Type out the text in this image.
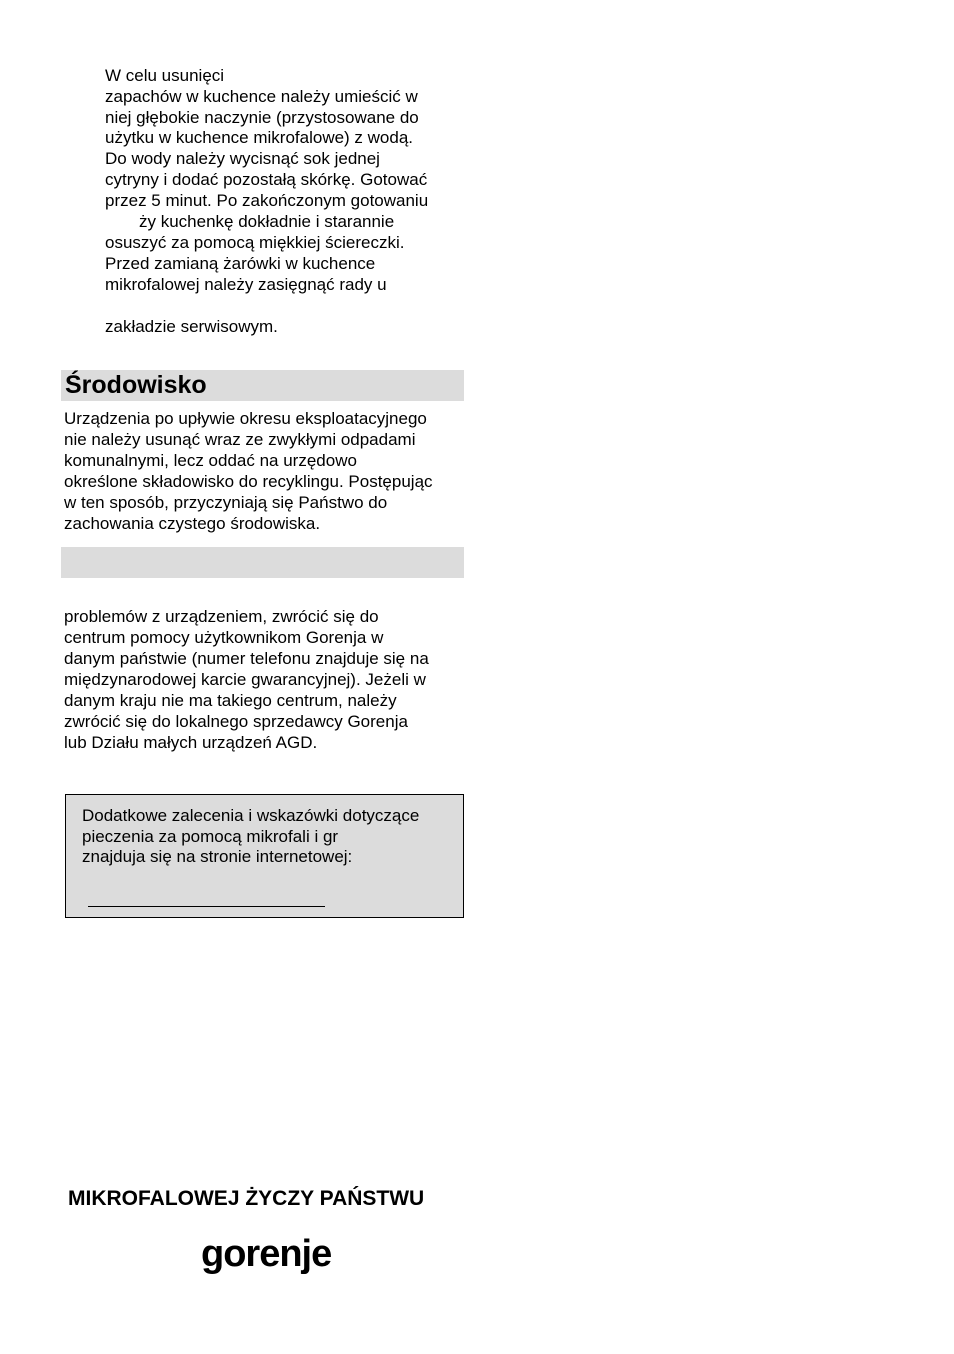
W celu usunięci
zapachów w kuchence należy umieścić w
niej głębokie naczynie (przystosowane do
użytku w kuchence mikrofalowe) z wodą.
Do wody należy wycisnąć sok jednej
cytryny i dodać pozostałą skórkę. Gotować
przez 5 minut. Po zakończonym gotowaniu
ży kuchenkę dokładnie i starannie
osuszyć za pomocą miękkiej ściereczki.
Przed zamianą żarówki w kuchence
mikrofalowej należy zasięgnąć rady u
zakładzie serwisowym.
Środowisko
Urządzenia po upływie okresu eksploatacyjnego
nie należy usunąć wraz ze zwykłymi odpadami
komunalnymi, lecz oddać na urzędowo
określone składowisko do recyklingu. Postępując
w ten sposób, przyczyniają się Państwo do
zachowania czystego środowiska.
problemów z urządzeniem, zwrócić się do
centrum pomocy użytkownikom Gorenja w
danym państwie (numer telefonu znajduje się na
międzynarodowej karcie gwarancyjnej). Jeżeli w
danym kraju nie ma takiego centrum, należy
zwrócić się do lokalnego sprzedawcy Gorenja
lub Działu małych urządzeń AGD.
Dodatkowe zalecenia i wskazówki dotyczące
pieczenia za pomocą mikrofali i gr
znajduja się na stronie internetowej:
MIKROFALOWEJ ŻYCZY PAŃSTWU
gorenje
